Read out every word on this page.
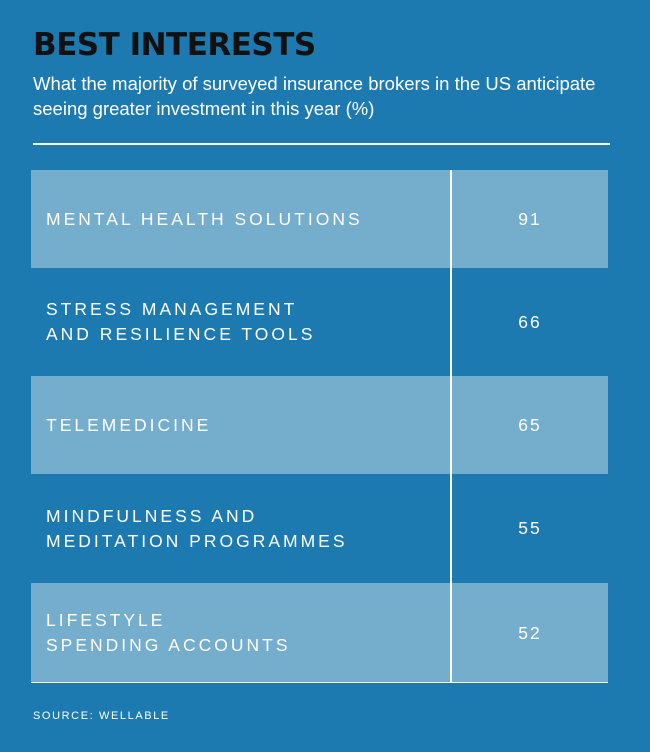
BEST INTERESTS

What the majority of surveyed insurance brokers in the US anticipate seeing greater investment in this year (%)

MENTAL HEALTH SOLUTIONS	91
STRESS MANAGEMENT
AND RESILIENCE TOOLS
66
TELEMEDICINE	65
MINDFULNESS AND
MEDITATION PROGRAMMES
55
LIFESTYLE
SPENDING ACCOUNTS
52

SOURCE: WELLABLE
